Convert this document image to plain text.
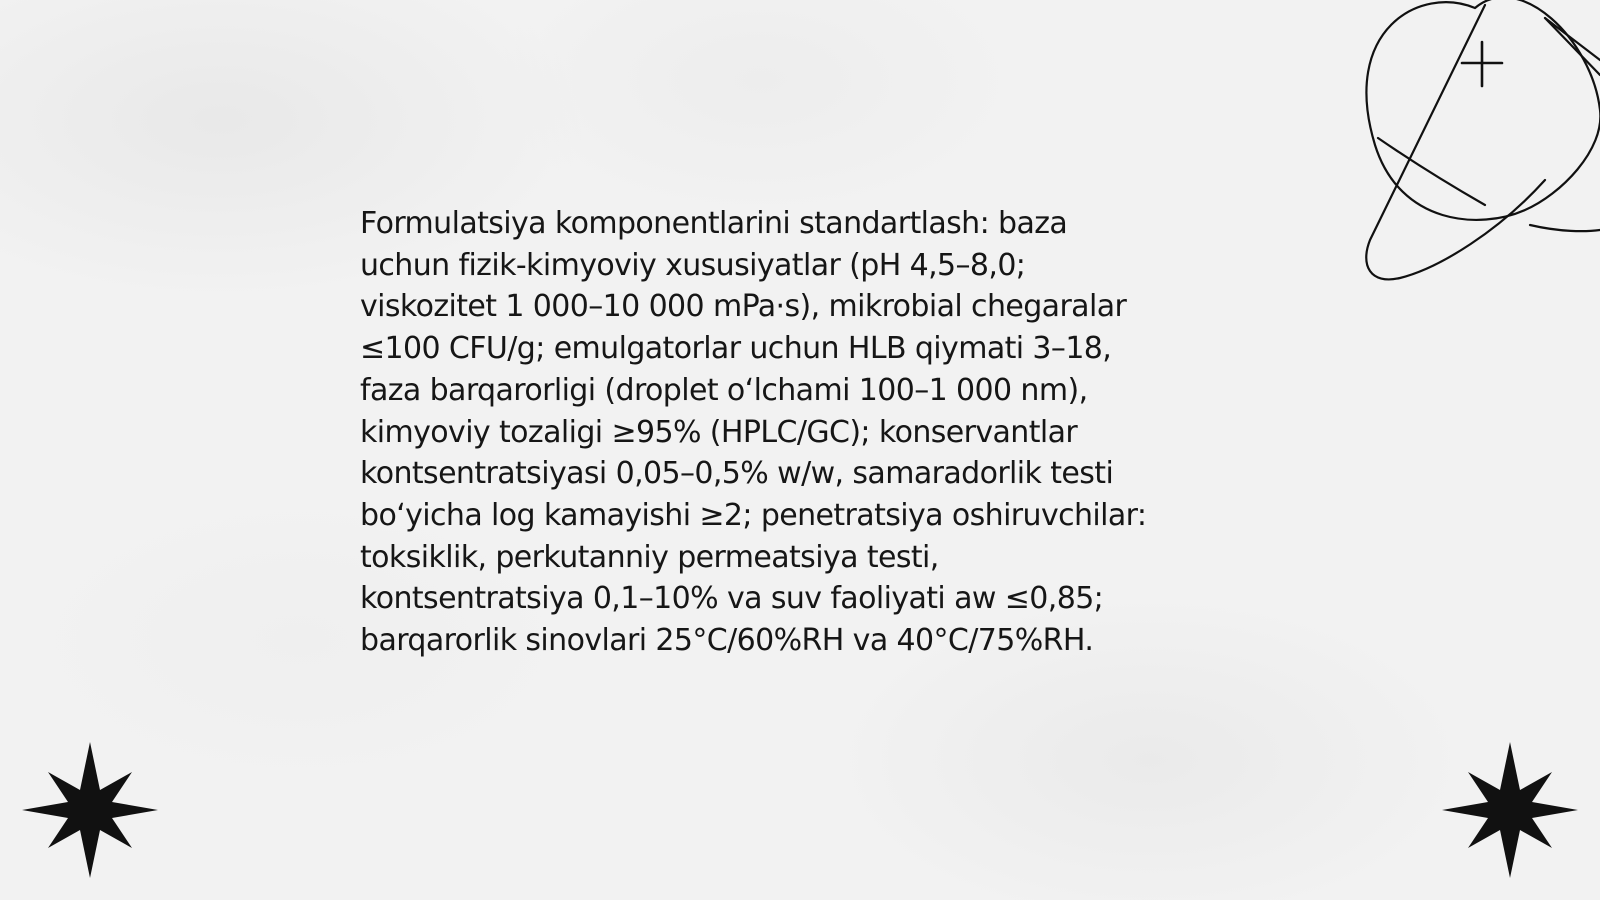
Formulatsiya komponentlarini standartlash: baza
uchun fizik-kimyoviy xususiyatlar (pH 4,5–8,0;
viskozitet 1 000–10 000 mPa·s), mikrobial chegaralar
≤100 CFU/g; emulgatorlar uchun HLB qiymati 3–18,
faza barqarorligi (droplet oʻlchami 100–1 000 nm),
kimyoviy tozaligi ≥95% (HPLC/GC); konservantlar
kontsentratsiyasi 0,05–0,5% w/w, samaradorlik testi
boʻyicha log kamayishi ≥2; penetratsiya oshiruvchilar:
toksiklik, perkutanniy permeatsiya testi,
kontsentratsiya 0,1–10% va suv faoliyati aw ≤0,85;
barqarorlik sinovlari 25°C/60%RH va 40°C/75%RH.
